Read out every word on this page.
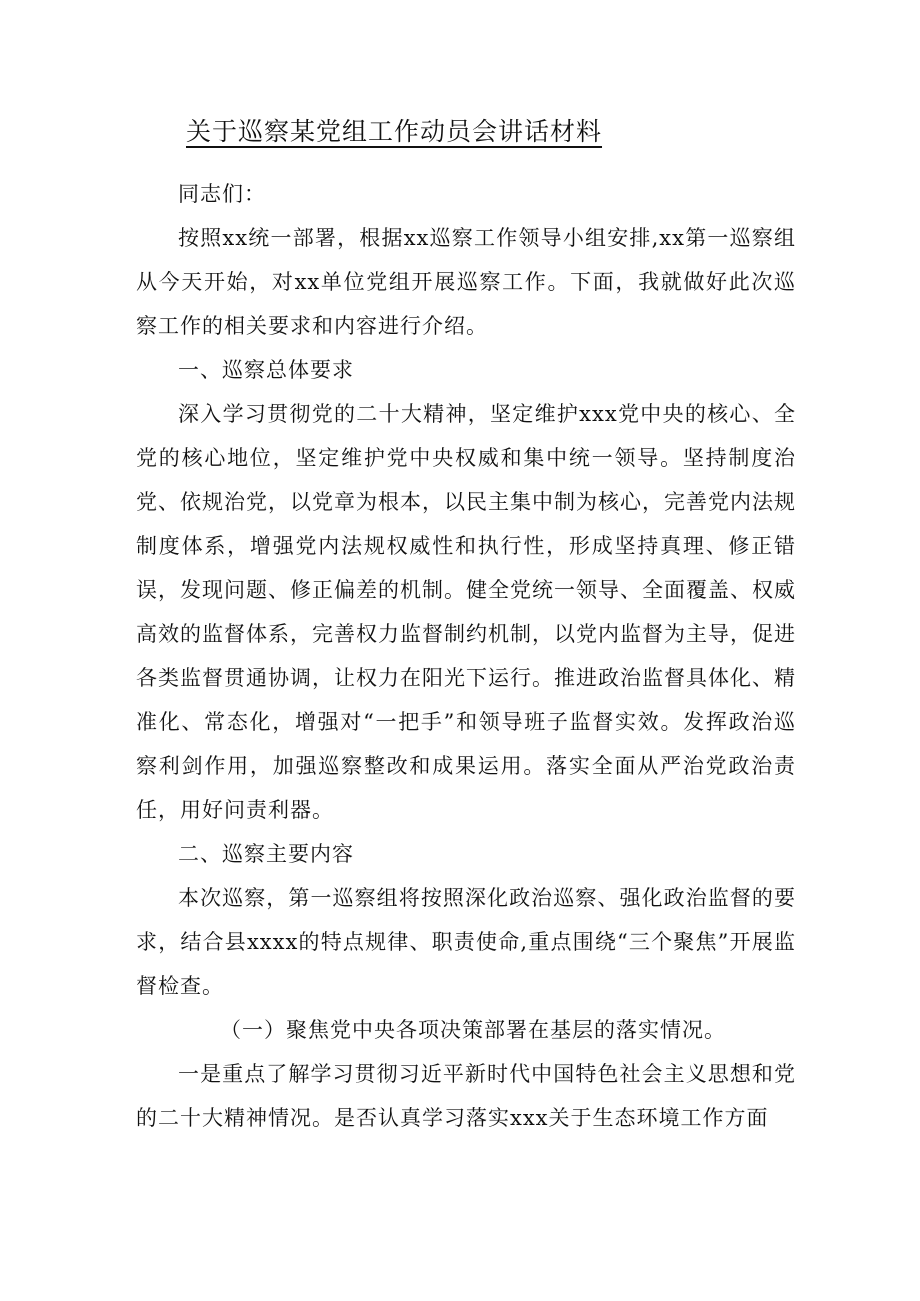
关于巡察某党组工作动员会讲话材料

同志们：

按照xx统一部署，根据xx巡察工作领导小组安排,xx第一巡察组从今天开始，对xx单位党组开展巡察工作。下面，我就做好此次巡察工作的相关要求和内容进行介绍。

一、巡察总体要求

深入学习贯彻党的二十大精神，坚定维护xxx党中央的核心、全党的核心地位，坚定维护党中央权威和集中统一领导。坚持制度治党、依规治党，以党章为根本，以民主集中制为核心，完善党内法规制度体系，增强党内法规权威性和执行性，形成坚持真理、修正错误，发现问题、修正偏差的机制。健全党统一领导、全面覆盖、权威高效的监督体系，完善权力监督制约机制，以党内监督为主导，促进各类监督贯通协调，让权力在阳光下运行。推进政治监督具体化、精准化、常态化，增强对“一把手”和领导班子监督实效。发挥政治巡察利剑作用，加强巡察整改和成果运用。落实全面从严治党政治责任，用好问责利器。

二、巡察主要内容

本次巡察，第一巡察组将按照深化政治巡察、强化政治监督的要求，结合县xxxx的特点规律、职责使命,重点围绕“三个聚焦”开展监督检查。

（一）聚焦党中央各项决策部署在基层的落实情况。

一是重点了解学习贯彻习近平新时代中国特色社会主义思想和党的二十大精神情况。是否认真学习落实xxx关于生态环境工作方面
